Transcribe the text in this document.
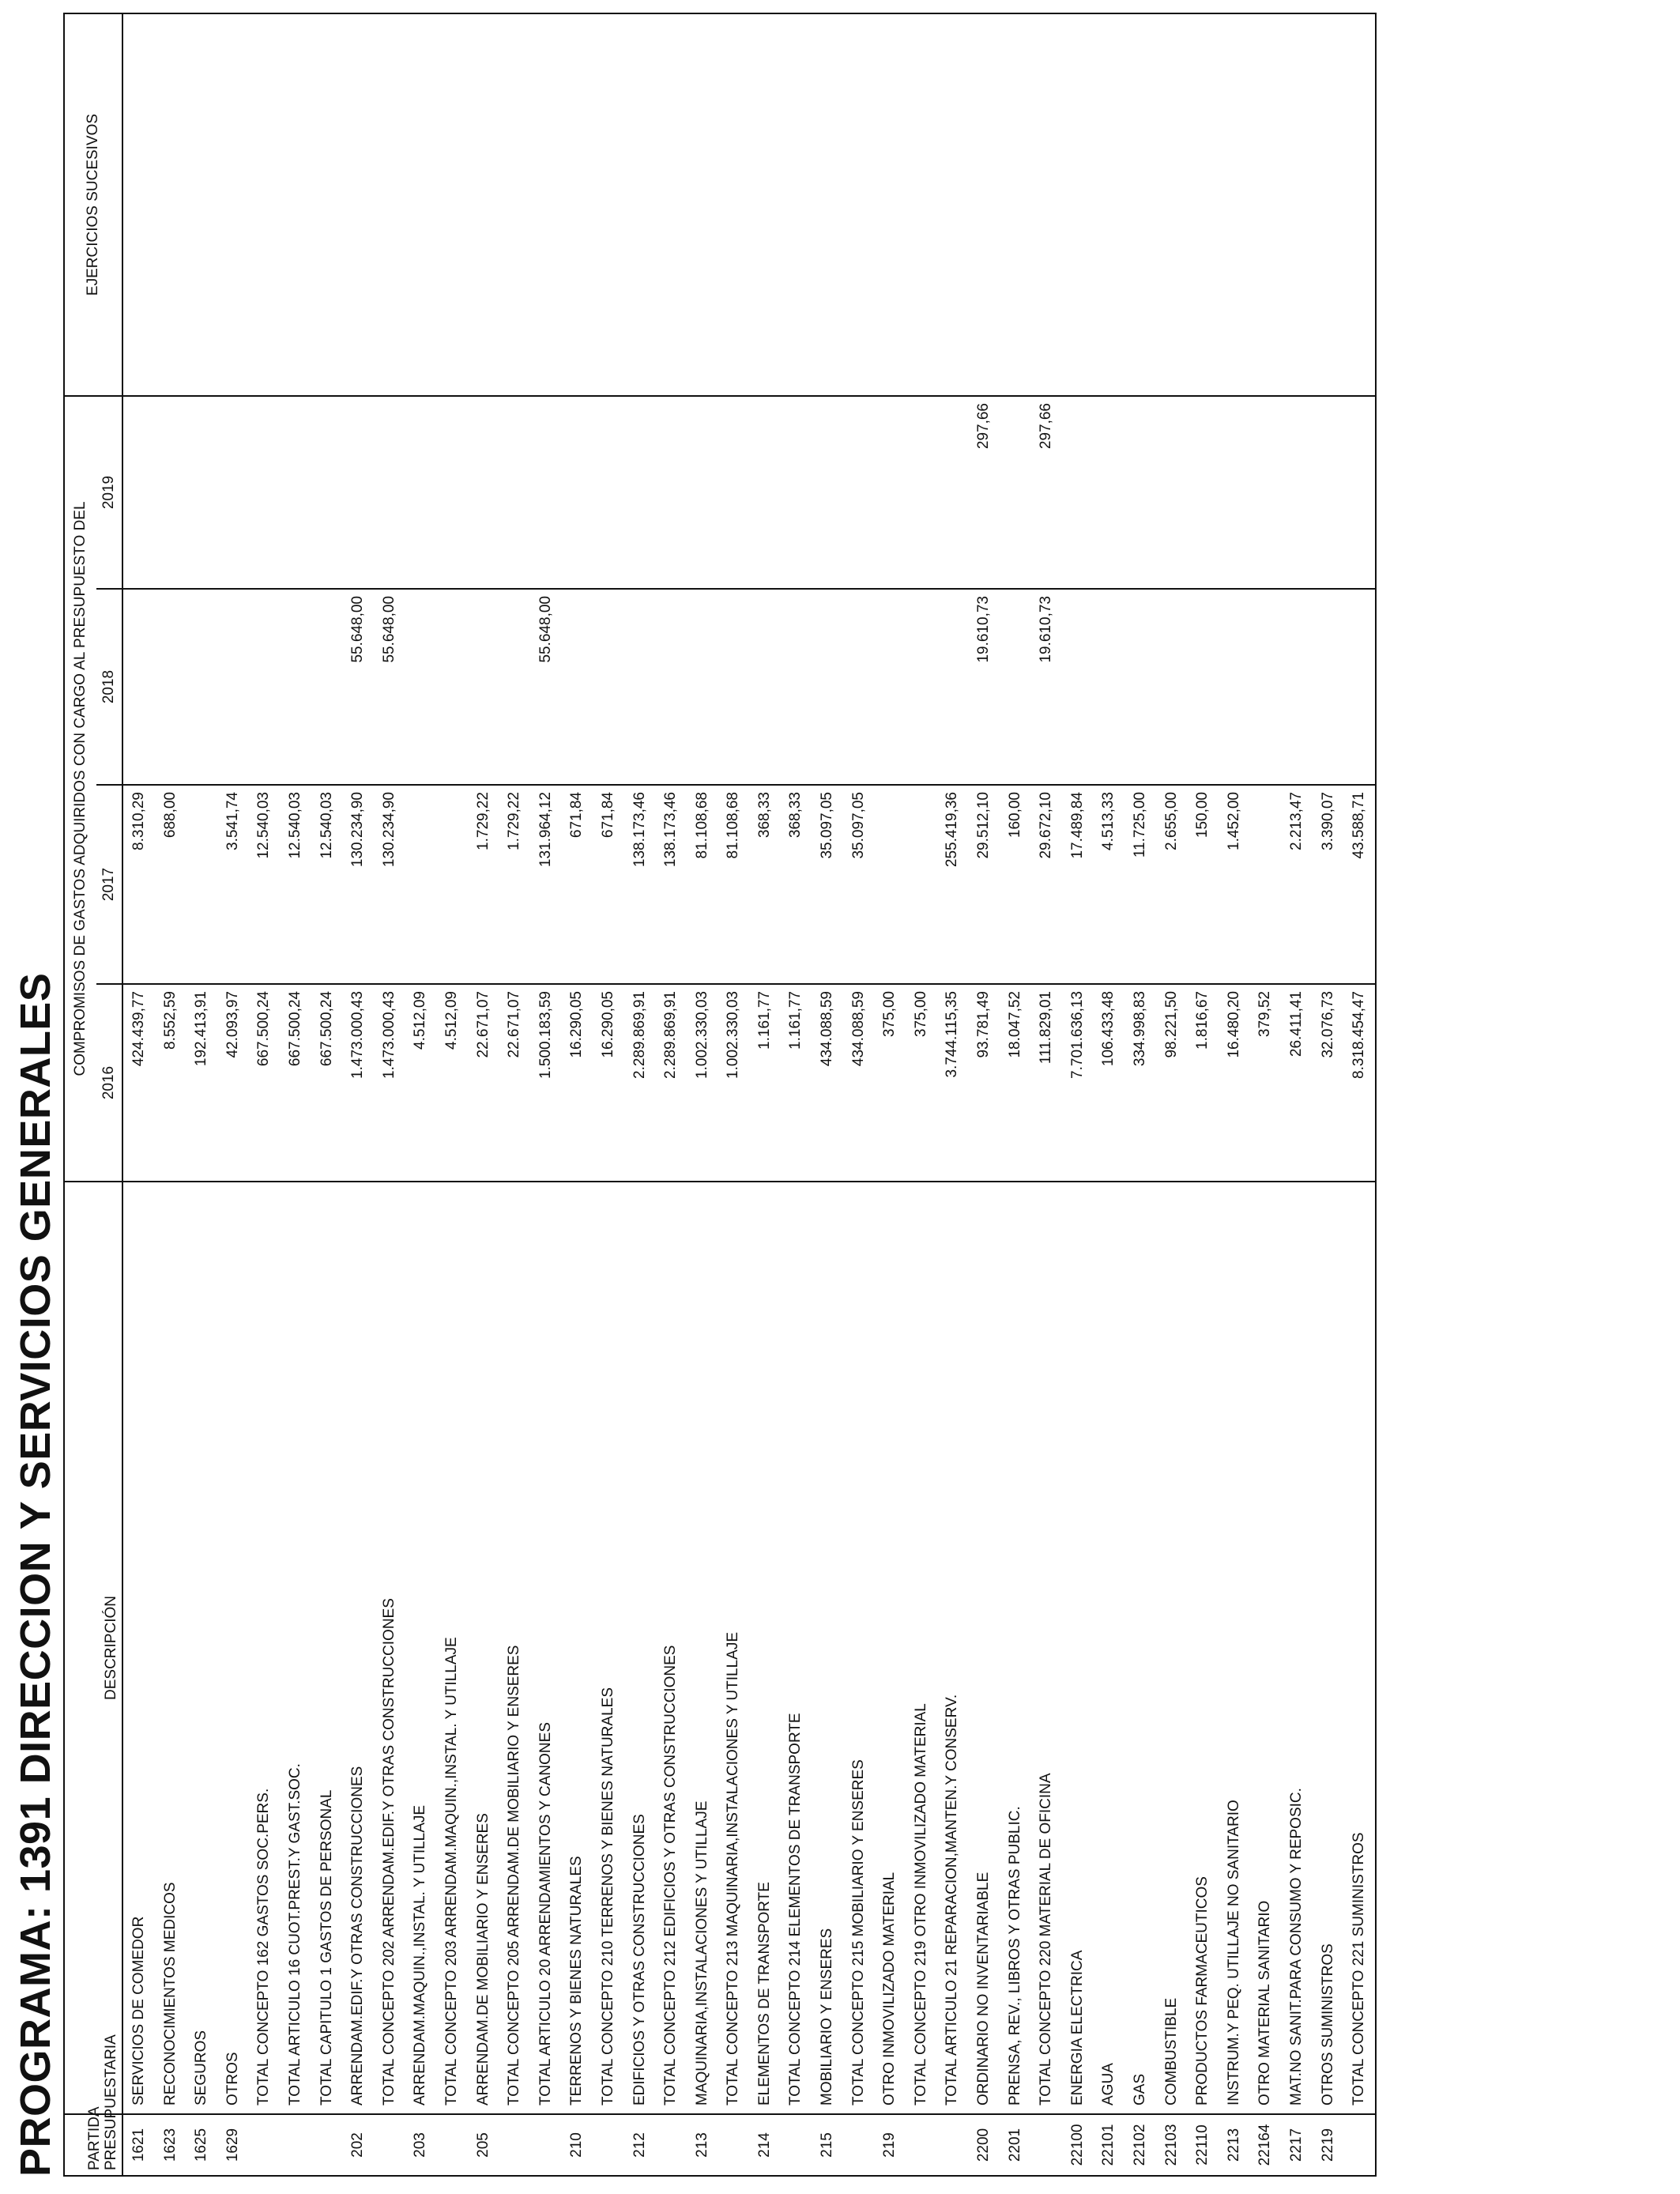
PROGRAMA: 1391 DIRECCION Y SERVICIOS GENERALES PARTIDA PRESUPUESTARIA	DESCRIPCIÓN	COMPROMISOS DE GASTOS ADQUIRIDOS CON CARGO AL PRESUPUESTO DEL				EJERCICIOS SUCESIVOS
		2016	2017	2018	2019	
1621	SERVICIOS DE COMEDOR	424.439,77	8.310,29			
1623	RECONOCIMIENTOS MEDICOS	8.552,59	688,00			
1625	SEGUROS	192.413,91				
1629	OTROS	42.093,97	3.541,74			
	TOTAL CONCEPTO 162 GASTOS SOC.PERS.	667.500,24	12.540,03			
	TOTAL ARTICULO 16 CUOT.PREST.Y GAST.SOC.	667.500,24	12.540,03			
	TOTAL CAPITULO 1 GASTOS DE PERSONAL	667.500,24	12.540,03			
202	ARRENDAM.EDIF.Y OTRAS CONSTRUCCIONES	1.473.000,43	130.234,90	55.648,00		
	TOTAL CONCEPTO 202 ARRENDAM.EDIF.Y OTRAS CONSTRUCCIONES	1.473.000,43	130.234,90	55.648,00		
203	ARRENDAM.MAQUIN.,INSTAL. Y UTILLAJE	4.512,09				
	TOTAL CONCEPTO 203 ARRENDAM.MAQUIN.,INSTAL. Y UTILLAJE	4.512,09				
205	ARRENDAM.DE MOBILIARIO Y ENSERES	22.671,07	1.729,22			
	TOTAL CONCEPTO 205 ARRENDAM.DE MOBILIARIO Y ENSERES	22.671,07	1.729,22			
	TOTAL ARTICULO 20 ARRENDAMIENTOS Y CANONES	1.500.183,59	131.964,12	55.648,00		
210	TERRENOS Y BIENES NATURALES	16.290,05	671,84			
	TOTAL CONCEPTO 210 TERRENOS Y BIENES NATURALES	16.290,05	671,84			
212	EDIFICIOS Y OTRAS CONSTRUCCIONES	2.289.869,91	138.173,46			
	TOTAL CONCEPTO 212 EDIFICIOS Y OTRAS CONSTRUCCIONES	2.289.869,91	138.173,46			
213	MAQUINARIA,INSTALACIONES Y UTILLAJE	1.002.330,03	81.108,68			
	TOTAL CONCEPTO 213 MAQUINARIA,INSTALACIONES Y UTILLAJE	1.002.330,03	81.108,68			
214	ELEMENTOS DE TRANSPORTE	1.161,77	368,33			
	TOTAL CONCEPTO 214 ELEMENTOS DE TRANSPORTE	1.161,77	368,33			
215	MOBILIARIO Y ENSERES	434.088,59	35.097,05			
	TOTAL CONCEPTO 215 MOBILIARIO Y ENSERES	434.088,59	35.097,05			
219	OTRO INMOVILIZADO MATERIAL	375,00				
	TOTAL CONCEPTO 219 OTRO INMOVILIZADO MATERIAL	375,00				
	TOTAL ARTICULO 21 REPARACION,MANTEN.Y CONSERV.	3.744.115,35	255.419,36			
2200	ORDINARIO NO INVENTARIABLE	93.781,49	29.512,10	19.610,73	297,66	
2201	PRENSA, REV., LIBROS Y OTRAS PUBLIC.	18.047,52	160,00			
	TOTAL CONCEPTO 220 MATERIAL DE OFICINA	111.829,01	29.672,10	19.610,73	297,66	
22100	ENERGIA ELECTRICA	7.701.636,13	17.489,84			
22101	AGUA	106.433,48	4.513,33			
22102	GAS	334.998,83	11.725,00			
22103	COMBUSTIBLE	98.221,50	2.655,00			
22110	PRODUCTOS FARMACEUTICOS	1.816,67	150,00			
2213	INSTRUM.Y PEQ. UTILLAJE NO SANITARIO	16.480,20	1.452,00			
22164	OTRO MATERIAL SANITARIO	379,52				
2217	MAT.NO SANIT.PARA CONSUMO Y REPOSIC.	26.411,41	2.213,47			
2219	OTROS SUMINISTROS	32.076,73	3.390,07			
	TOTAL CONCEPTO 221 SUMINISTROS	8.318.454,47	43.588,71			
